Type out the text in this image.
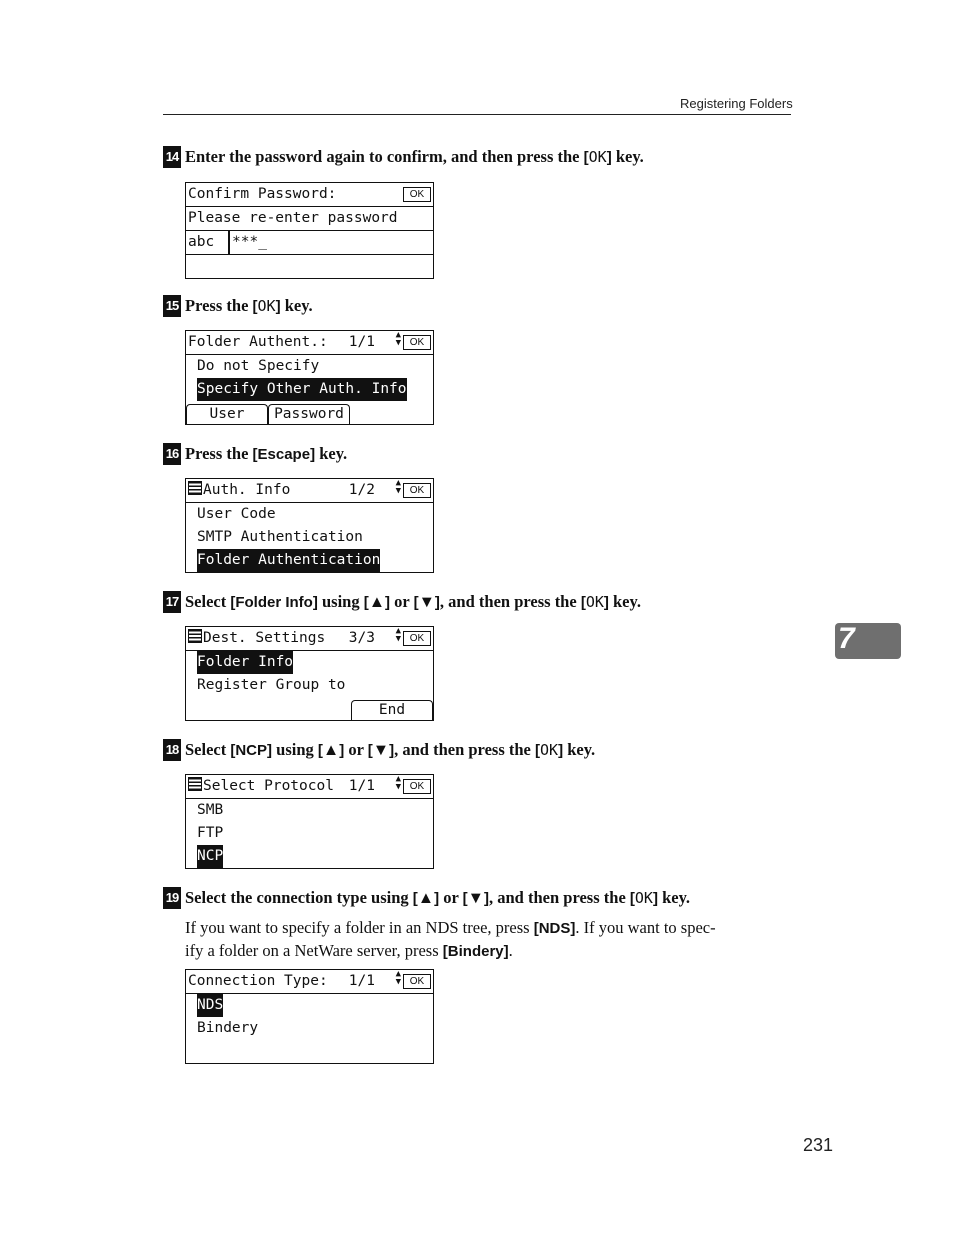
Registering Folders
14 Enter the password again to confirm, and then press the [OK] key.

Confirm Password:

	OK

Please re-enter password

abc

***_

15 Press the [OK] key.

Folder Authent.:

1/1

▲
▼

OK

Do not Specify

Specify Other Auth. Info

User

	Password

16 Press the [Escape] key.

Auth. Info

	1/2

▲
▼

OK

User Code
SMTP Authentication
Folder Authentication
17 Select [Folder Info] using [▲] or [▼], and then press the [OK] key.

Dest. Settings

3/3

▲
▼

OK

Folder Info
Register Group to

End

18 Select [NCP] using [▲] or [▼], and then press the [OK] key.

Select Protocol

1/1

▲
▼

OK

SMB
FTP
NCP
19 Select the connection type using [▲] or [▼], and then press the [OK] key.
If you want to specify a folder in an NDS tree, press [NDS]. If you want to spec-
ify a folder on a NetWare server, press [Bindery].

Connection Type:

1/1

▲
▼

OK

NDS
Bindery
7
231
